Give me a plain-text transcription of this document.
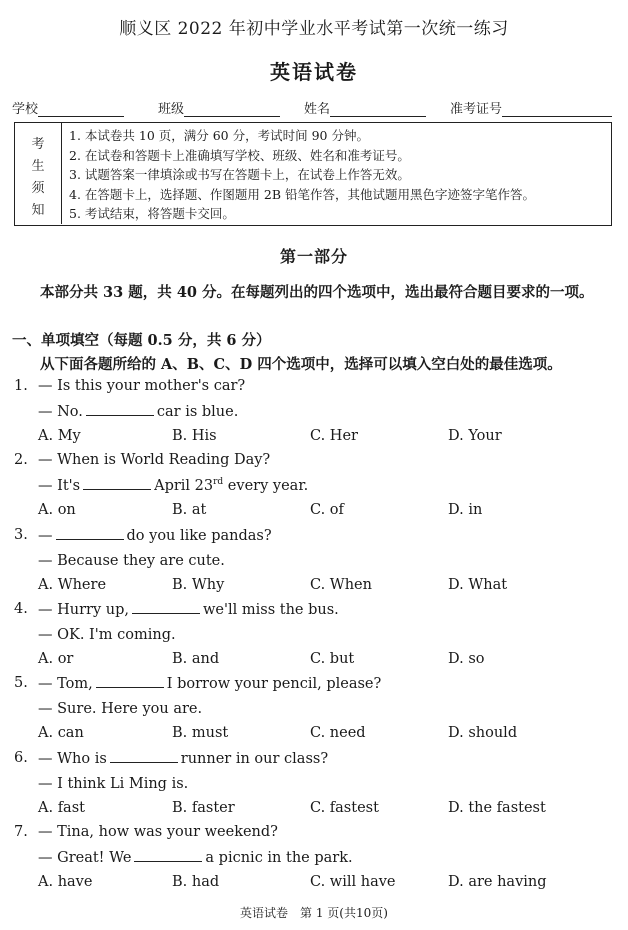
顺义区 2022 年初中学业水平考试第一次统一练习
英语试卷
学校	班级	姓名	准考证号
考
生
须
知
1. 本试卷共 10 页，满分 60 分，考试时间 90 分钟。
2. 在试卷和答题卡上准确填写学校、班级、姓名和准考证号。
3. 试题答案一律填涂或书写在答题卡上，在试卷上作答无效。
4. 在答题卡上，选择题、作图题用 2B 铅笔作答，其他试题用黑色字迹签字笔作答。
5. 考试结束，将答题卡交回。
第一部分
本部分共 33 题，共 40 分。在每题列出的四个选项中，选出最符合题目要求的一项。
一、单项填空（每题 0.5 分，共 6 分）
从下面各题所给的 A、B、C、D 四个选项中，选择可以填入空白处的最佳选项。
1. — Is this your mother's car?
— No.	car is blue.
A. My	B. His	C. Her	D. Your
2. — When is World Reading Day?
— It's	April 23rd every year.
A. on	B. at	C. of	D. in
3. —	do you like pandas?
— Because they are cute.
A. Where	B. Why	C. When	D. What
4. — Hurry up,	we'll miss the bus.
— OK. I'm coming.
A. or	B. and	C. but	D. so
5. — Tom,	I borrow your pencil, please?
— Sure. Here you are.
A. can	B. must	C. need	D. should
6. — Who is	runner in our class?
— I think Li Ming is.
A. fast	B. faster	C. fastest	D. the fastest
7. — Tina, how was your weekend?
— Great! We	a picnic in the park.
A. have	B. had	C. will have	D. are having
英语试卷　第 1 页(共10页)
